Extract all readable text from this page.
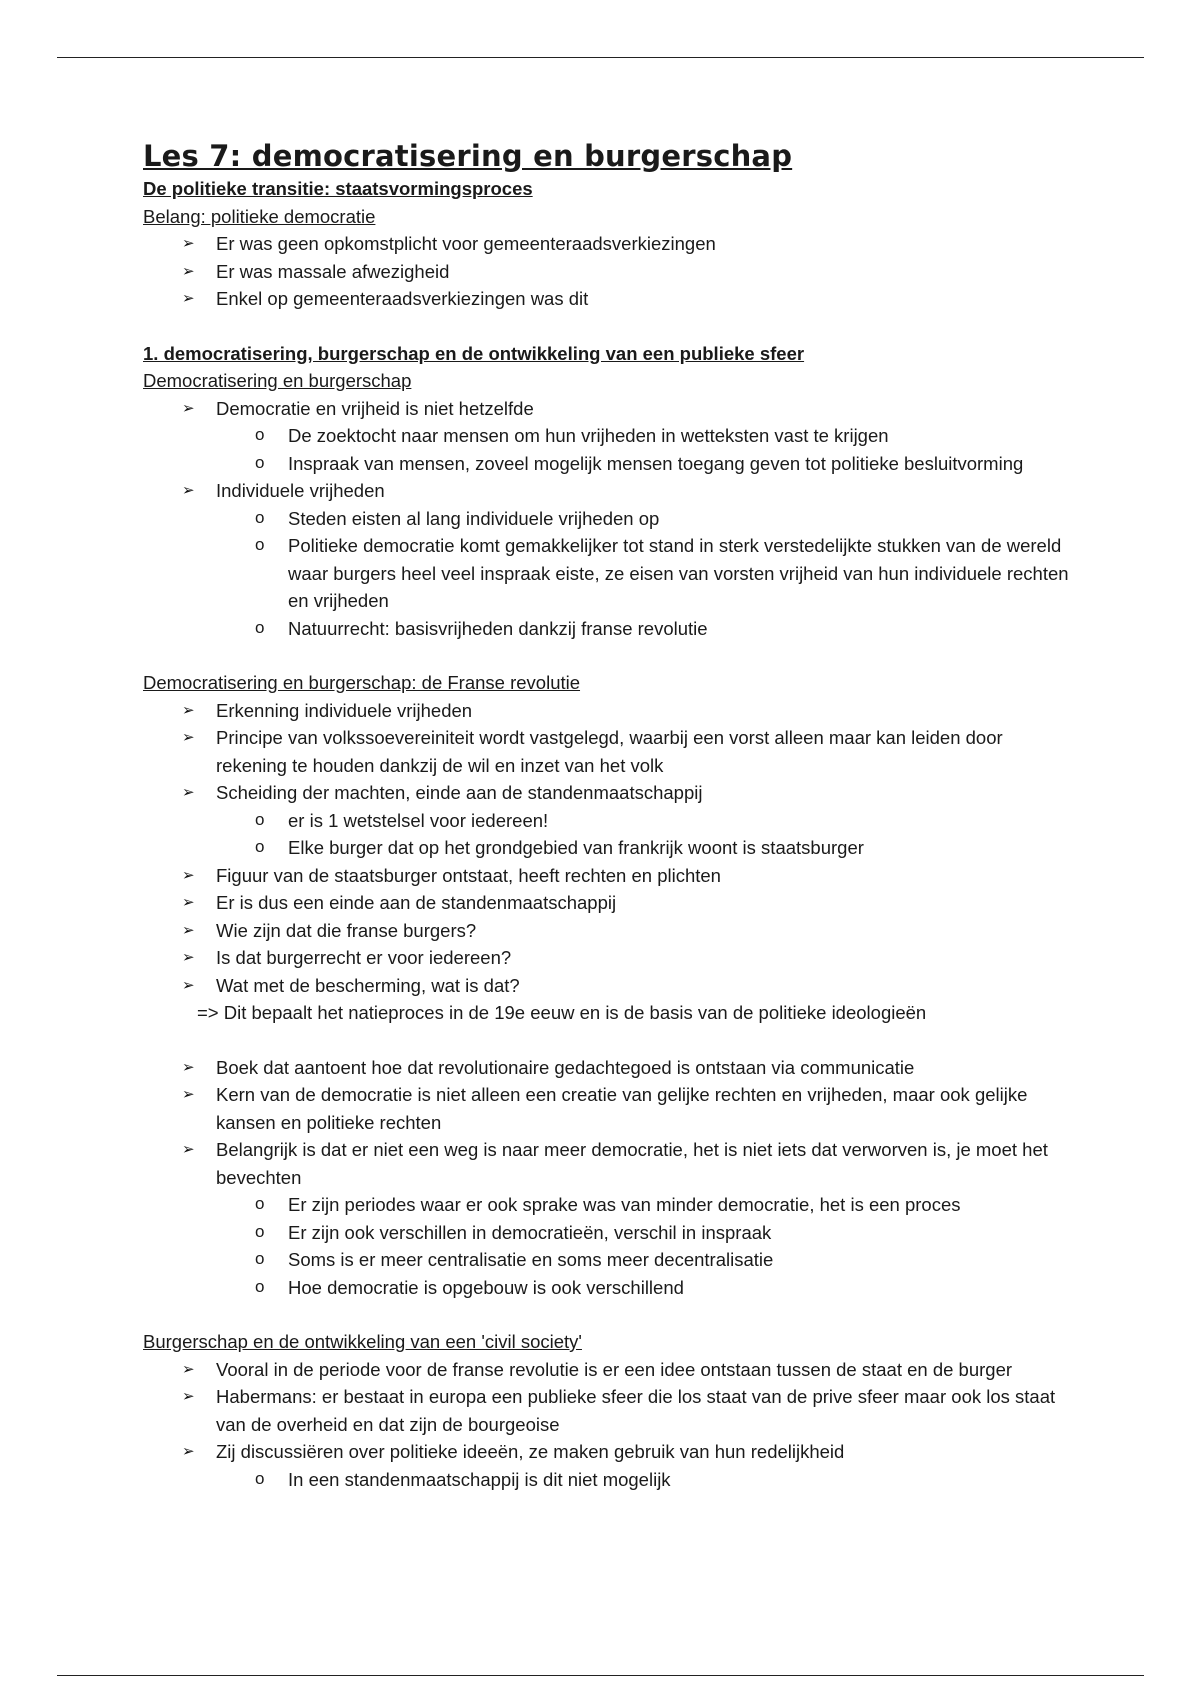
Les 7: democratisering en burgerschap
De politieke transitie: staatsvormingsproces
Belang: politieke democratie
➢ Er was geen opkomstplicht voor gemeenteraadsverkiezingen
➢ Er was massale afwezigheid
➢ Enkel op gemeenteraadsverkiezingen was dit
1. democratisering, burgerschap en de ontwikkeling van een publieke sfeer
Democratisering en burgerschap
➢ Democratie en vrijheid is niet hetzelfde
o De zoektocht naar mensen om hun vrijheden in wetteksten vast te krijgen
o Inspraak van mensen, zoveel mogelijk mensen toegang geven tot politieke besluitvorming
➢ Individuele vrijheden
o Steden eisten al lang individuele vrijheden op
o Politieke democratie komt gemakkelijker tot stand in sterk verstedelijkte stukken van de wereld waar burgers heel veel inspraak eiste, ze eisen van vorsten vrijheid van hun individuele rechten en vrijheden
o Natuurrecht: basisvrijheden dankzij franse revolutie
Democratisering en burgerschap: de Franse revolutie
➢ Erkenning individuele vrijheden
➢ Principe van volkssoevereiniteit wordt vastgelegd, waarbij een vorst alleen maar kan leiden door rekening te houden dankzij de wil en inzet van het volk
➢ Scheiding der machten, einde aan de standenmaatschappij
o er is 1 wetstelsel voor iedereen!
o Elke burger dat op het grondgebied van frankrijk woont is staatsburger
➢ Figuur van de staatsburger ontstaat, heeft rechten en plichten
➢ Er is dus een einde aan de standenmaatschappij
➢ Wie zijn dat die franse burgers?
➢ Is dat burgerrecht er voor iedereen?
➢ Wat met de bescherming, wat is dat?
=> Dit bepaalt het natieproces in de 19e eeuw en is de basis van de politieke ideologieën
➢ Boek dat aantoent hoe dat revolutionaire gedachtegoed is ontstaan via communicatie
➢ Kern van de democratie is niet alleen een creatie van gelijke rechten en vrijheden, maar ook gelijke kansen en politieke rechten
➢ Belangrijk is dat er niet een weg is naar meer democratie, het is niet iets dat verworven is, je moet het bevechten
o Er zijn periodes waar er ook sprake was van minder democratie, het is een proces
o Er zijn ook verschillen in democratieën, verschil in inspraak
o Soms is er meer centralisatie en soms meer decentralisatie
o Hoe democratie is opgebouw is ook verschillend
Burgerschap en de ontwikkeling van een 'civil society'
➢ Vooral in de periode voor de franse revolutie is er een idee ontstaan tussen de staat en de burger
➢ Habermans: er bestaat in europa een publieke sfeer die los staat van de prive sfeer maar ook los staat van de overheid en dat zijn de bourgeoise
➢ Zij discussiëren over politieke ideeën, ze maken gebruik van hun redelijkheid
o In een standenmaatschappij is dit niet mogelijk
